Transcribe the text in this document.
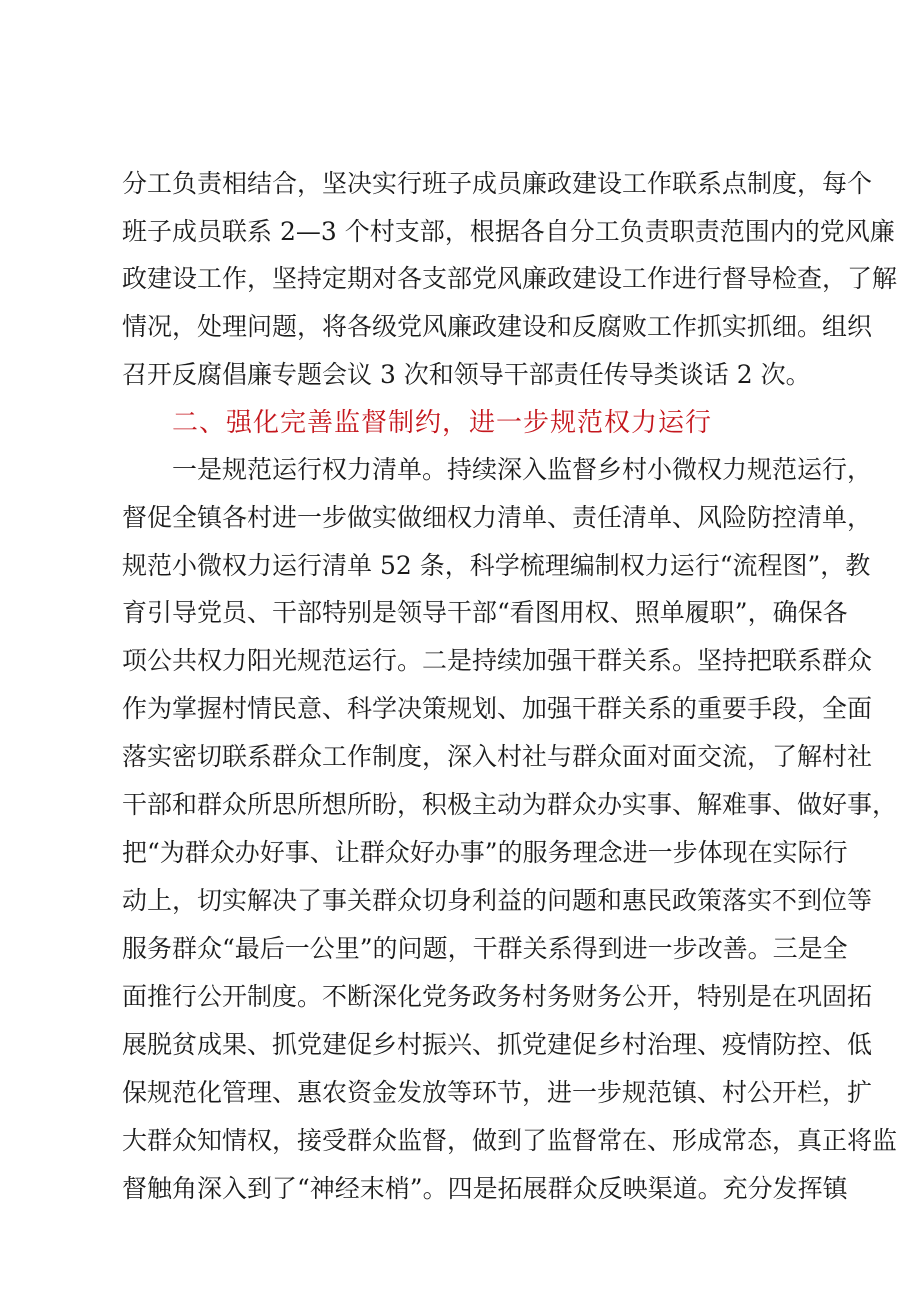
分工负责相结合，坚决实行班子成员廉政建设工作联系点制度，每个
班子成员联系 2—3 个村支部，根据各自分工负责职责范围内的党风廉
政建设工作，坚持定期对各支部党风廉政建设工作进行督导检查，了解
情况，处理问题，将各级党风廉政建设和反腐败工作抓实抓细。组织
召开反腐倡廉专题会议 3 次和领导干部责任传导类谈话 2 次。
二、强化完善监督制约，进一步规范权力运行
一是规范运行权力清单。持续深入监督乡村小微权力规范运行，
督促全镇各村进一步做实做细权力清单、责任清单、风险防控清单，
规范小微权力运行清单 52 条，科学梳理编制权力运行“流程图”，教
育引导党员、干部特别是领导干部“看图用权、照单履职”，确保各
项公共权力阳光规范运行。二是持续加强干群关系。坚持把联系群众
作为掌握村情民意、科学决策规划、加强干群关系的重要手段，全面
落实密切联系群众工作制度，深入村社与群众面对面交流，了解村社
干部和群众所思所想所盼，积极主动为群众办实事、解难事、做好事，
把“为群众办好事、让群众好办事”的服务理念进一步体现在实际行
动上，切实解决了事关群众切身利益的问题和惠民政策落实不到位等
服务群众“最后一公里”的问题，干群关系得到进一步改善。三是全
面推行公开制度。不断深化党务政务村务财务公开，特别是在巩固拓
展脱贫成果、抓党建促乡村振兴、抓党建促乡村治理、疫情防控、低
保规范化管理、惠农资金发放等环节，进一步规范镇、村公开栏，扩
大群众知情权，接受群众监督，做到了监督常在、形成常态，真正将监
督触角深入到了“神经末梢”。四是拓展群众反映渠道。充分发挥镇
